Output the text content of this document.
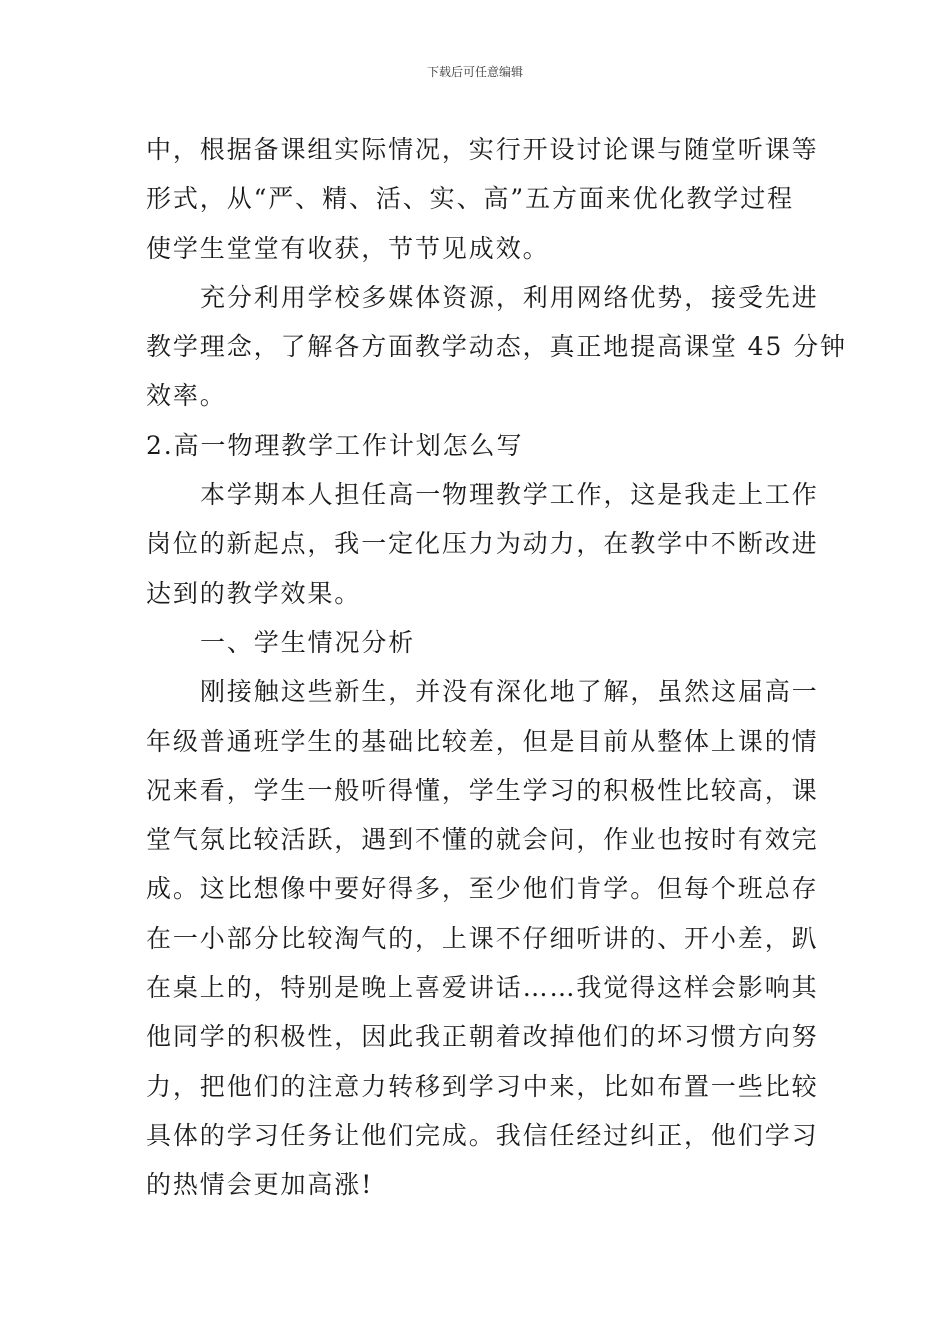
下载后可任意编辑

中，根据备课组实际情况，实行开设讨论课与随堂听课等
形式，从“严、精、活、实、高”五方面来优化教学过程
使学生堂堂有收获，节节见成效。

充分利用学校多媒体资源，利用网络优势，接受先进
教学理念，了解各方面教学动态，真正地提高课堂 45 分钟
效率。

2.高一物理教学工作计划怎么写

本学期本人担任高一物理教学工作，这是我走上工作
岗位的新起点，我一定化压力为动力，在教学中不断改进
达到的教学效果。

一、学生情况分析

刚接触这些新生，并没有深化地了解，虽然这届高一
年级普通班学生的基础比较差，但是目前从整体上课的情
况来看，学生一般听得懂，学生学习的积极性比较高，课
堂气氛比较活跃，遇到不懂的就会问，作业也按时有效完
成。这比想像中要好得多，至少他们肯学。但每个班总存
在一小部分比较淘气的，上课不仔细听讲的、开小差，趴
在桌上的，特别是晚上喜爱讲话……我觉得这样会影响其
他同学的积极性，因此我正朝着改掉他们的坏习惯方向努
力，把他们的注意力转移到学习中来，比如布置一些比较
具体的学习任务让他们完成。我信任经过纠正，他们学习
的热情会更加高涨!
